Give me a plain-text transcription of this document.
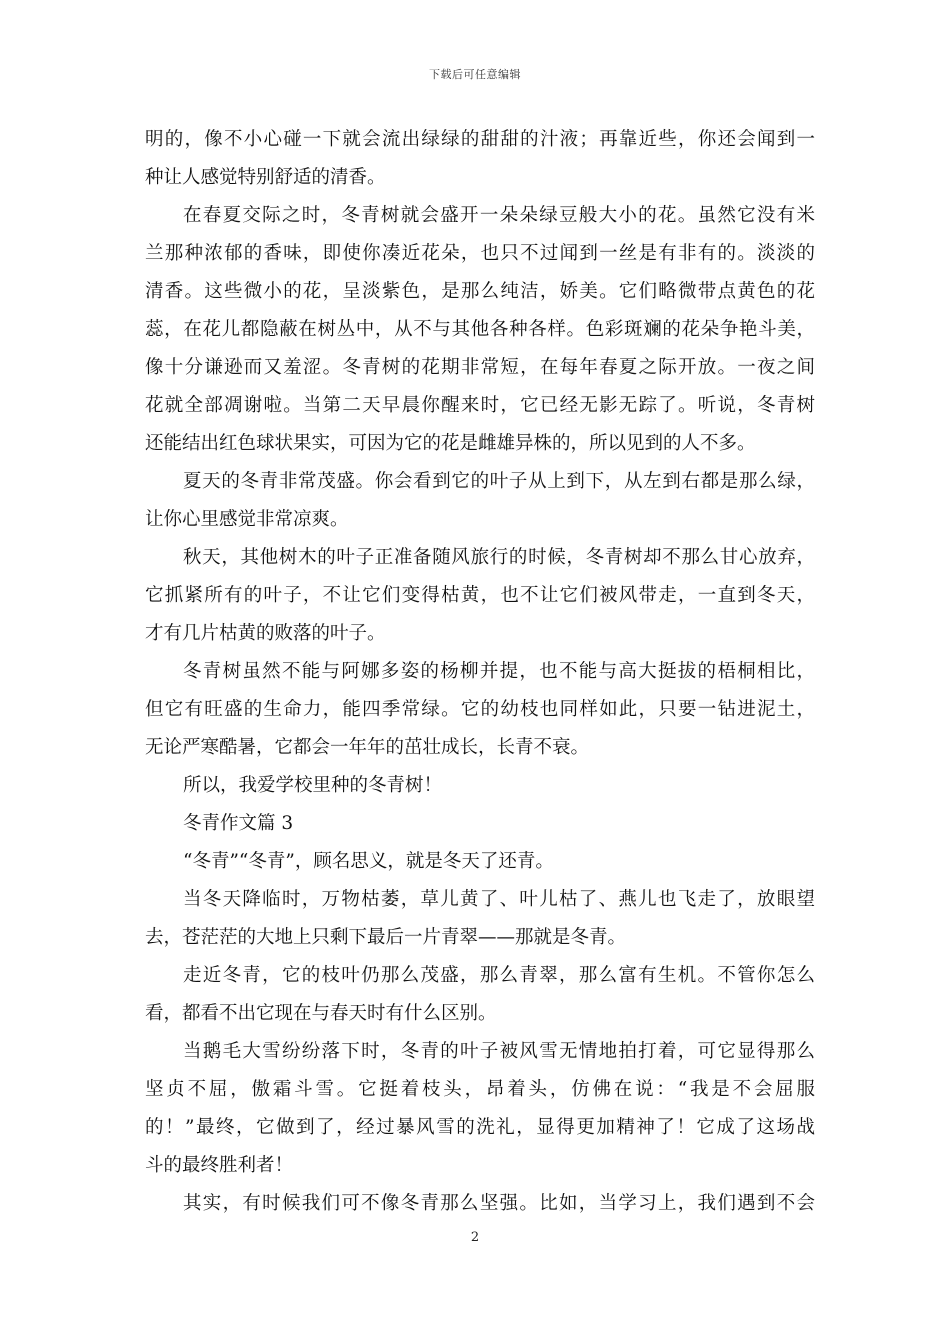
下载后可任意编辑
明的，像不小心碰一下就会流出绿绿的甜甜的汁液；再靠近些，你还会闻到一
种让人感觉特别舒适的清香。
在春夏交际之时，冬青树就会盛开一朵朵绿豆般大小的花。虽然它没有米
兰那种浓郁的香味，即使你凑近花朵，也只不过闻到一丝是有非有的。淡淡的
清香。这些微小的花，呈淡紫色，是那么纯洁，娇美。它们略微带点黄色的花
蕊，在花儿都隐蔽在树丛中，从不与其他各种各样。色彩斑斓的花朵争艳斗美，
像十分谦逊而又羞涩。冬青树的花期非常短，在每年春夏之际开放。一夜之间
花就全部凋谢啦。当第二天早晨你醒来时，它已经无影无踪了。听说，冬青树
还能结出红色球状果实，可因为它的花是雌雄异株的，所以见到的人不多。
夏天的冬青非常茂盛。你会看到它的叶子从上到下，从左到右都是那么绿，
让你心里感觉非常凉爽。
秋天，其他树木的叶子正准备随风旅行的时候，冬青树却不那么甘心放弃，
它抓紧所有的叶子，不让它们变得枯黄，也不让它们被风带走，一直到冬天，
才有几片枯黄的败落的叶子。
冬青树虽然不能与阿娜多姿的杨柳并提，也不能与高大挺拔的梧桐相比，
但它有旺盛的生命力，能四季常绿。它的幼枝也同样如此，只要一钻进泥土，
无论严寒酷暑，它都会一年年的茁壮成长，长青不衰。
所以，我爱学校里种的冬青树！
冬青作文篇 3
“冬青”“冬青”，顾名思义，就是冬天了还青。
当冬天降临时，万物枯萎，草儿黄了、叶儿枯了、燕儿也飞走了，放眼望
去，苍茫茫的大地上只剩下最后一片青翠——那就是冬青。
走近冬青，它的枝叶仍那么茂盛，那么青翠，那么富有生机。不管你怎么
看，都看不出它现在与春天时有什么区别。
当鹅毛大雪纷纷落下时，冬青的叶子被风雪无情地拍打着，可它显得那么
坚贞不屈，傲霜斗雪。它挺着枝头，昂着头，仿佛在说：“我是不会屈服
的！”最终，它做到了，经过暴风雪的洗礼，显得更加精神了！它成了这场战
斗的最终胜利者！
其实，有时候我们可不像冬青那么坚强。比如，当学习上，我们遇到不会
2
